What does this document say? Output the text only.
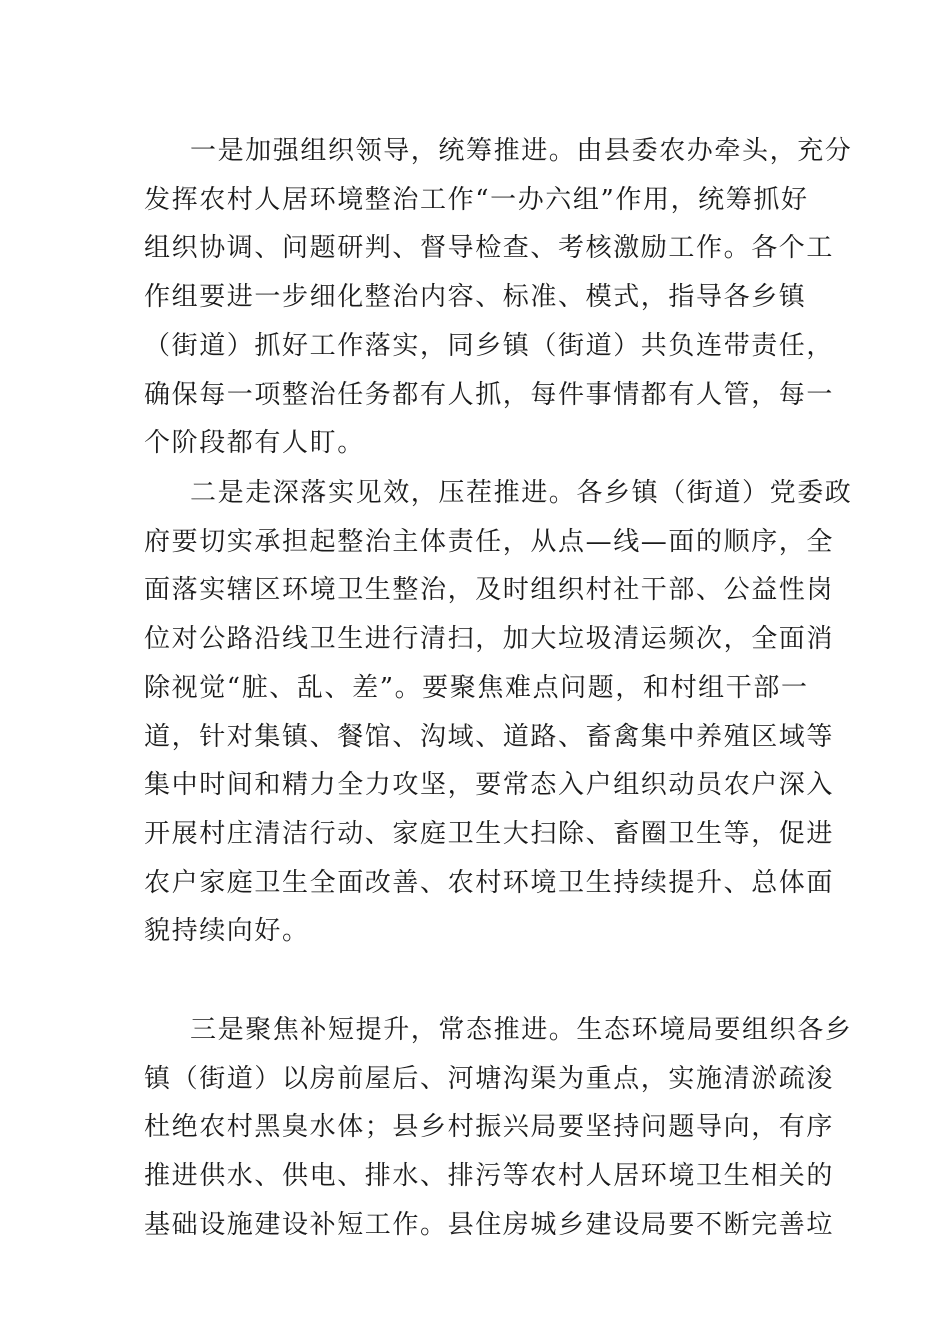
一是加强组织领导，统筹推进。由县委农办牵头，充分
发挥农村人居环境整治工作“一办六组”作用，统筹抓好
组织协调、问题研判、督导检查、考核激励工作。各个工
作组要进一步细化整治内容、标准、模式，指导各乡镇
（街道）抓好工作落实，同乡镇（街道）共负连带责任，
确保每一项整治任务都有人抓，每件事情都有人管，每一
个阶段都有人盯。

二是走深落实见效，压茬推进。各乡镇（街道）党委政
府要切实承担起整治主体责任，从点—线—面的顺序，全
面落实辖区环境卫生整治，及时组织村社干部、公益性岗
位对公路沿线卫生进行清扫，加大垃圾清运频次，全面消
除视觉“脏、乱、差”。要聚焦难点问题，和村组干部一
道，针对集镇、餐馆、沟域、道路、畜禽集中养殖区域等
集中时间和精力全力攻坚，要常态入户组织动员农户深入
开展村庄清洁行动、家庭卫生大扫除、畜圈卫生等，促进
农户家庭卫生全面改善、农村环境卫生持续提升、总体面
貌持续向好。

三是聚焦补短提升，常态推进。生态环境局要组织各乡
镇（街道）以房前屋后、河塘沟渠为重点，实施清淤疏浚
杜绝农村黑臭水体；县乡村振兴局要坚持问题导向，有序
推进供水、供电、排水、排污等农村人居环境卫生相关的
基础设施建设补短工作。县住房城乡建设局要不断完善垃
